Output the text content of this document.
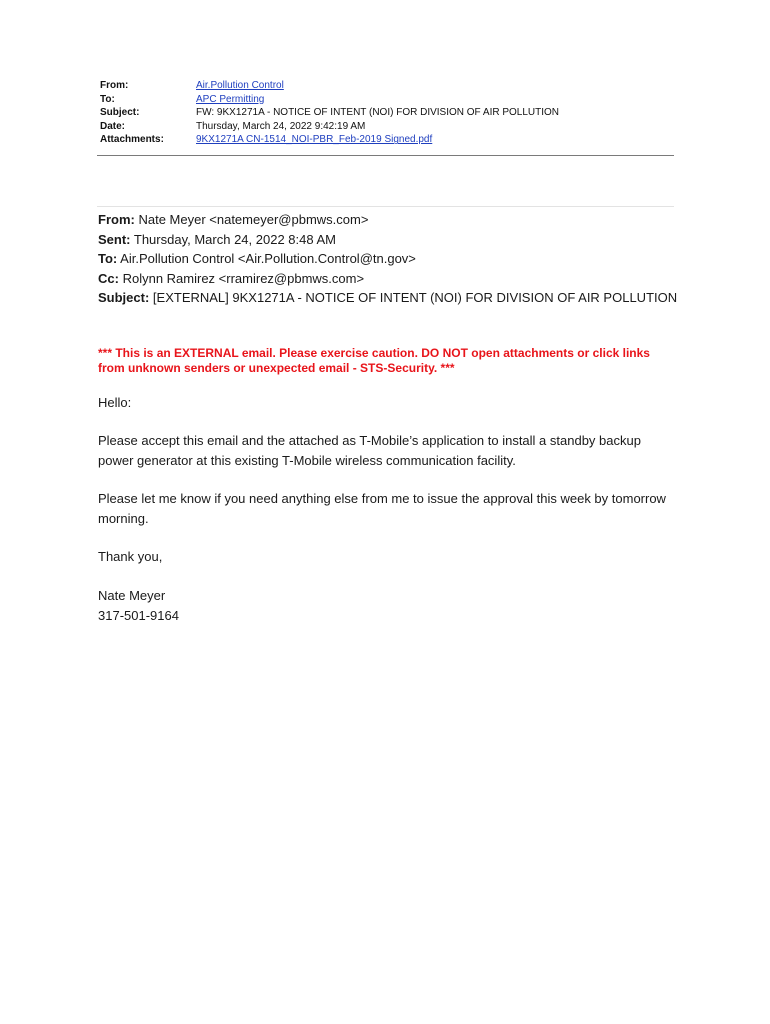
From:	Air.Pollution Control
To:	APC Permitting
Subject:	FW: 9KX1271A - NOTICE OF INTENT (NOI) FOR DIVISION OF AIR POLLUTION
Date:	Thursday, March 24, 2022 9:42:19 AM
Attachments:	9KX1271A CN-1514_NOI-PBR_Feb-2019 Signed.pdf
From: Nate Meyer <natemeyer@pbmws.com>
Sent: Thursday, March 24, 2022 8:48 AM
To: Air.Pollution Control <Air.Pollution.Control@tn.gov>
Cc: Rolynn Ramirez <rramirez@pbmws.com>
Subject: [EXTERNAL] 9KX1271A - NOTICE OF INTENT (NOI) FOR DIVISION OF AIR POLLUTION
*** This is an EXTERNAL email. Please exercise caution. DO NOT open attachments or click links
from unknown senders or unexpected email - STS-Security. ***
Hello:
Please accept this email and the attached as T-Mobile’s application to install a standby backup
power generator at this existing T-Mobile wireless communication facility.
Please let me know if you need anything else from me to issue the approval this week by tomorrow
morning.
Thank you,
Nate Meyer
317-501-9164
